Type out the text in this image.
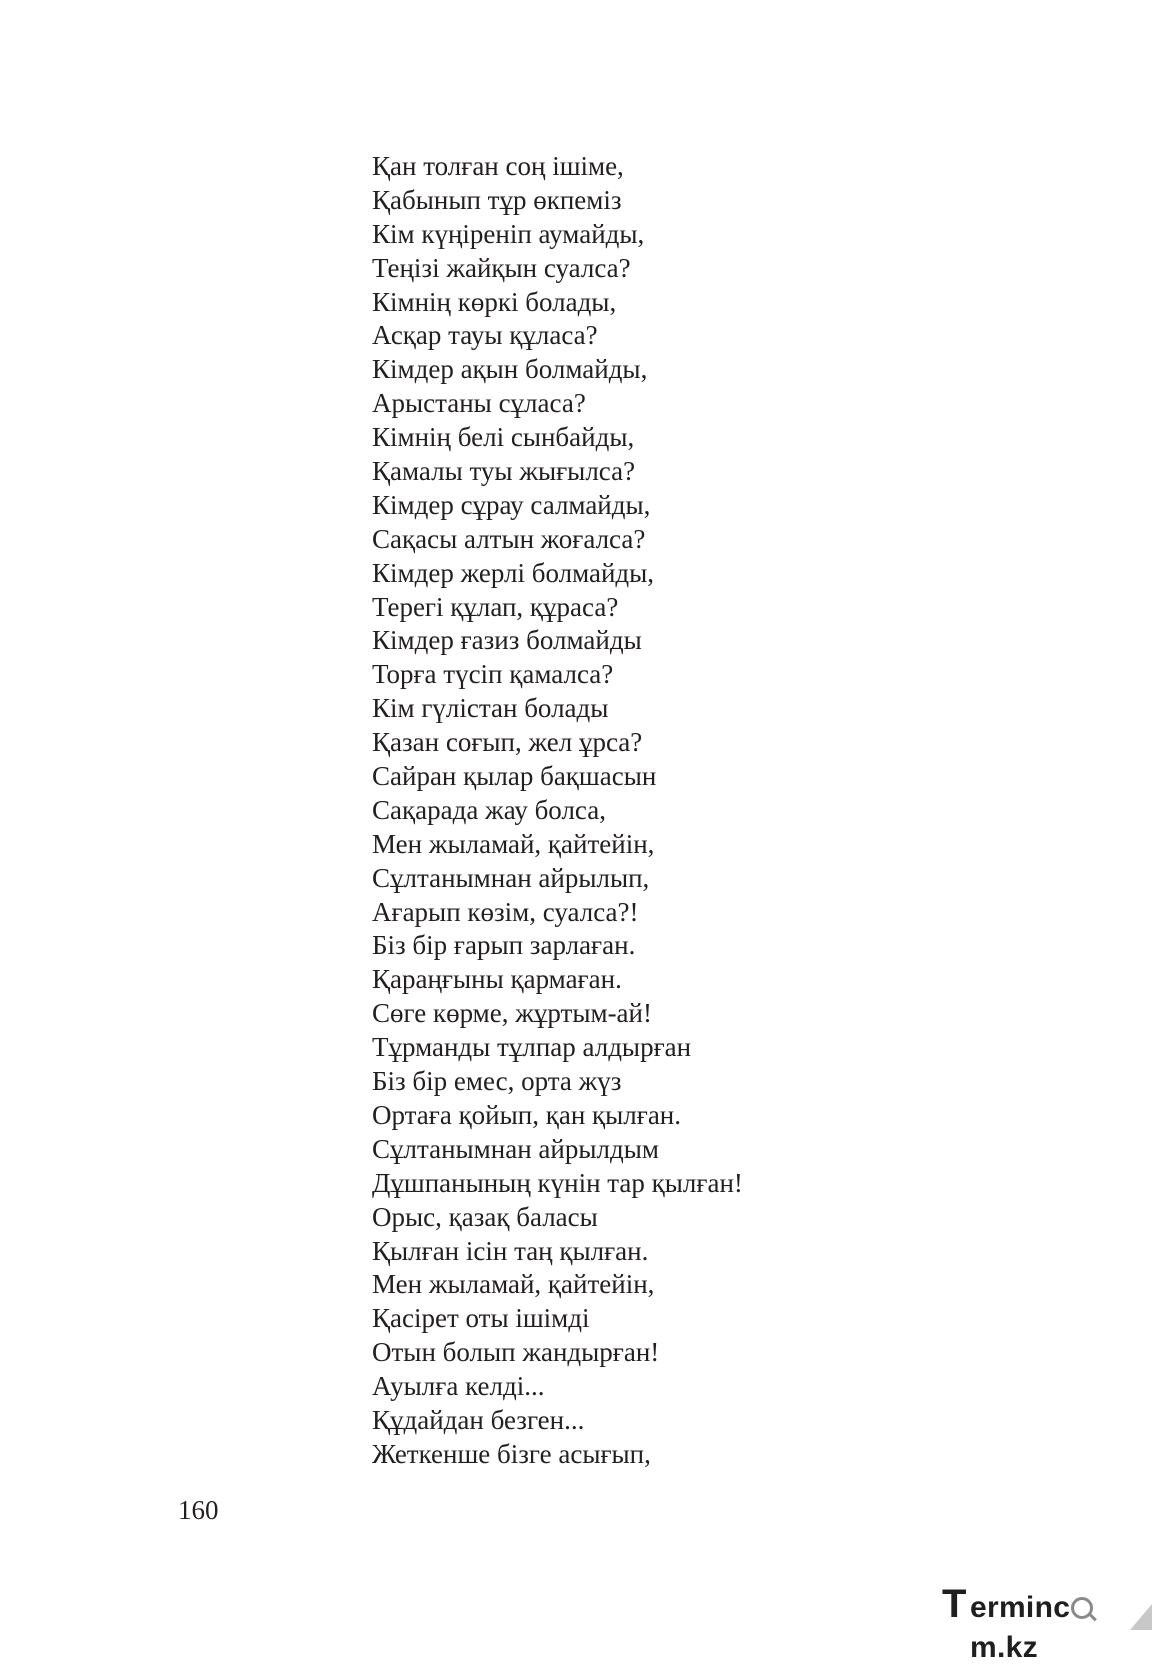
Қан толған соң ішіме,
Қабынып тұр өкпеміз
Кім күңіреніп аумайды,
Теңізі жайқын суалса?
Кімнің көркі болады,
Асқар тауы құласа?
Кімдер ақын болмайды,
Арыстаны сұласа?
Кімнің белі сынбайды,
Қамалы туы жығылса?
Кімдер сұрау салмайды,
Сақасы алтын жоғалса?
Кімдер жерлі болмайды,
Терегі құлап, құраса?
Кімдер ғазиз болмайды
Торға түсіп қамалса?
Кім гүлістан болады
Қазан соғып, жел ұрса?
Сайран қылар бақшасын
Сақарада жау болса,
Мен жыламай, қайтейін,
Сұлтанымнан айрылып,
Ағарып көзім, суалса?!
Біз бір ғарып зарлаған.
Қараңғыны қармаған.
Сөге көрме, жұртым-ай!
Тұрманды тұлпар алдырған
Біз бір емес, орта жүз
Ортаға қойып, қан қылған.
Сұлтанымнан айрылдым
Дұшпанының күнін тар қылған!
Орыс, қазақ баласы
Қылған ісін таң қылған.
Мен жыламай, қайтейін,
Қасірет оты ішімді
Отын болып жандырған!
Ауылға келді...
Құдайдан безген...
Жеткенше бізге асығып,
160
T ermincm.kz
